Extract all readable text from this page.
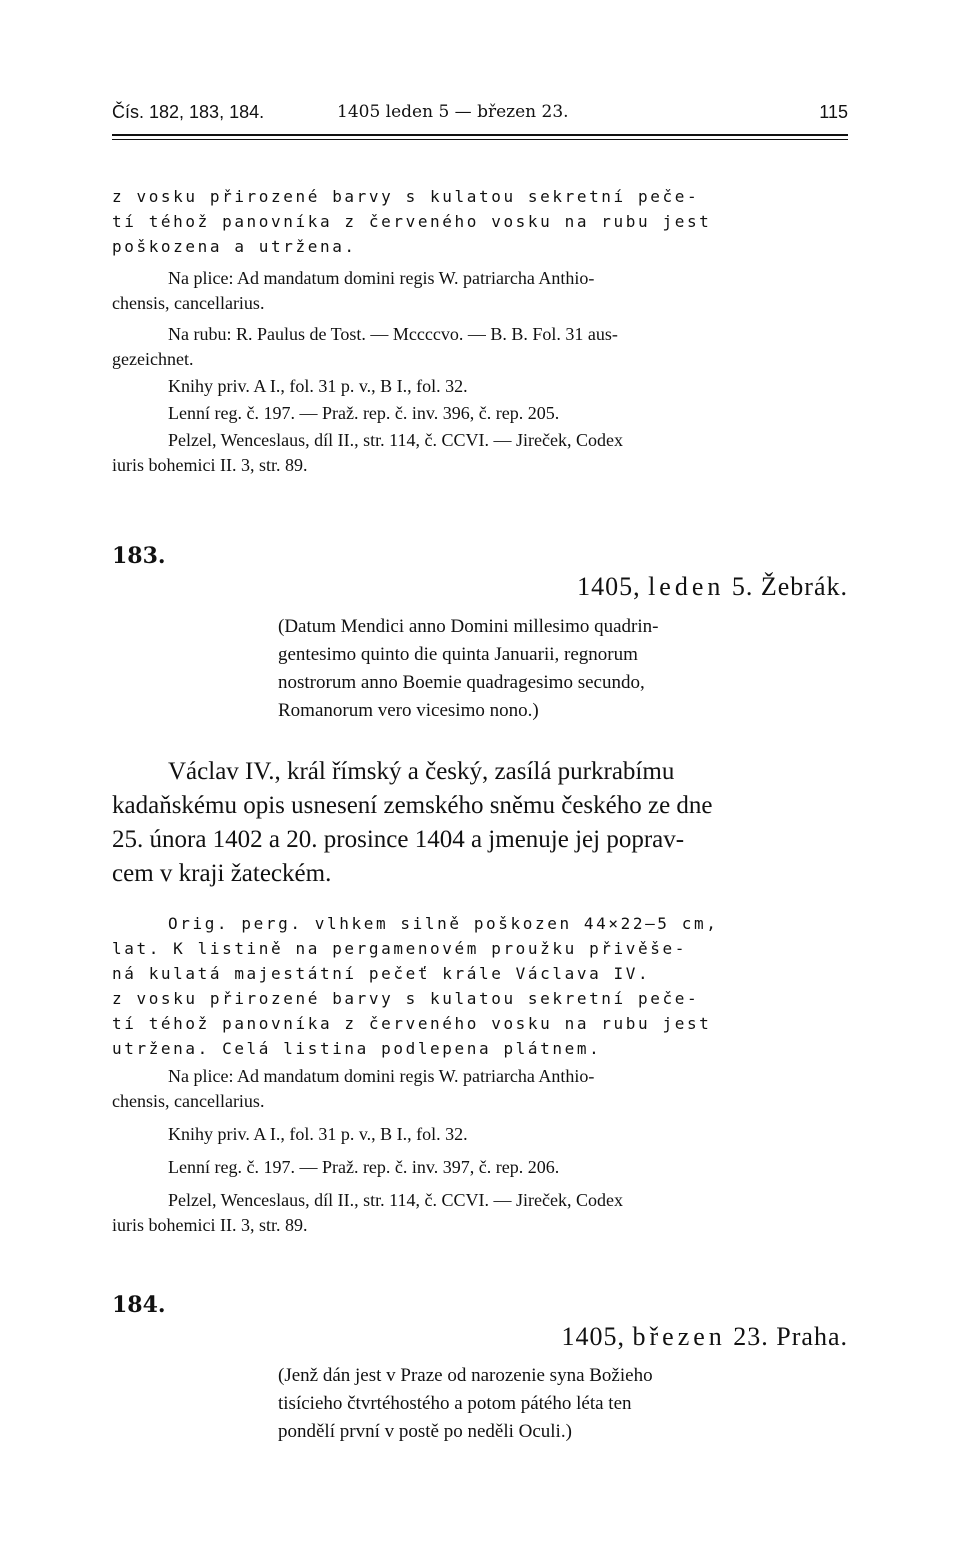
Čís. 182, 183, 184.	1405 leden 5 — březen 23.	115
z vosku přirozené barvy s kulatou sekretní peče-
tí téhož panovníka z červeného vosku na rubu jest
poškozena a utržena.
Na plice: Ad mandatum domini regis W. patriarcha Anthio-
chensis, cancellarius.
Na rubu: R. Paulus de Tost. — Mccccvo. — B. B. Fol. 31 aus-
gezeichnet.
Knihy priv. A I., fol. 31 p. v., B I., fol. 32.
Lenní reg. č. 197. — Praž. rep. č. inv. 396, č. rep. 205.
Pelzel, Wenceslaus, díl II., str. 114, č. CCVI. — Jireček, Codex
iuris bohemici II. 3, str. 89.
183.
1405, leden 5. Žebrák.
(Datum Mendici anno Domini millesimo quadrin-
gentesimo quinto die quinta Januarii, regnorum
nostrorum anno Boemie quadragesimo secundo,
Romanorum vero vicesimo nono.)
Václav IV., král římský a český, zasílá purkrabímu
kadaňskému opis usnesení zemského sněmu českého ze dne
25. února 1402 a 20. prosince 1404 a jmenuje jej poprav-
cem v kraji žateckém.
Orig. perg. vlhkem silně poškozen 44×22—5 cm,
lat. K listině na pergamenovém proužku přivěše-
ná kulatá majestátní pečeť krále Václava IV.
z vosku přirozené barvy s kulatou sekretní peče-
tí téhož panovníka z červeného vosku na rubu jest
utržena. Celá listina podlepena plátnem.
Na plice: Ad mandatum domini regis W. patriarcha Anthio-
chensis, cancellarius.
Knihy priv. A I., fol. 31 p. v., B I., fol. 32.
Lenní reg. č. 197. — Praž. rep. č. inv. 397, č. rep. 206.
Pelzel, Wenceslaus, díl II., str. 114, č. CCVI. — Jireček, Codex
iuris bohemici II. 3, str. 89.
184.
1405, březen 23. Praha.
(Jenž dán jest v Praze od narozenie syna Božieho
tisícieho čtvrtéhostého a potom pátého léta ten
pondělí první v postě po neděli Oculi.)
